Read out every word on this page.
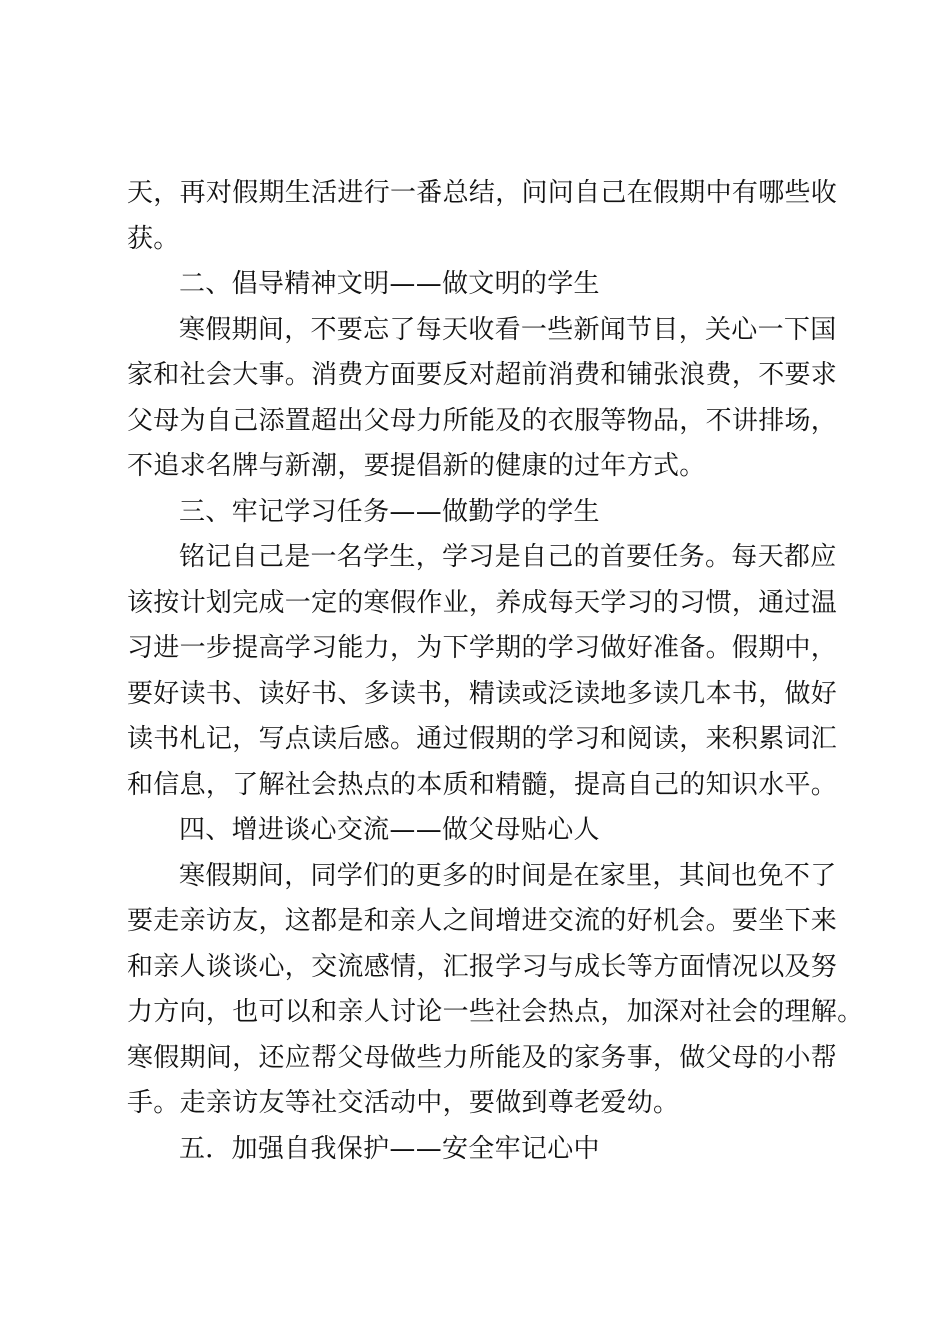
天，再对假期生活进行一番总结，问问自己在假期中有哪些收
获。
二、倡导精神文明——做文明的学生
寒假期间，不要忘了每天收看一些新闻节目，关心一下国
家和社会大事。消费方面要反对超前消费和铺张浪费，不要求
父母为自己添置超出父母力所能及的衣服等物品，不讲排场，
不追求名牌与新潮，要提倡新的健康的过年方式。
三、牢记学习任务——做勤学的学生
铭记自己是一名学生，学习是自己的首要任务。每天都应
该按计划完成一定的寒假作业，养成每天学习的习惯，通过温
习进一步提高学习能力，为下学期的学习做好准备。假期中，
要好读书、读好书、多读书，精读或泛读地多读几本书，做好
读书札记，写点读后感。通过假期的学习和阅读，来积累词汇
和信息，了解社会热点的本质和精髓，提高自己的知识水平。
四、增进谈心交流——做父母贴心人
寒假期间，同学们的更多的时间是在家里，其间也免不了
要走亲访友，这都是和亲人之间增进交流的好机会。要坐下来
和亲人谈谈心，交流感情，汇报学习与成长等方面情况以及努
力方向，也可以和亲人讨论一些社会热点，加深对社会的理解。
寒假期间，还应帮父母做些力所能及的家务事，做父母的小帮
手。走亲访友等社交活动中，要做到尊老爱幼。
五．加强自我保护——安全牢记心中
